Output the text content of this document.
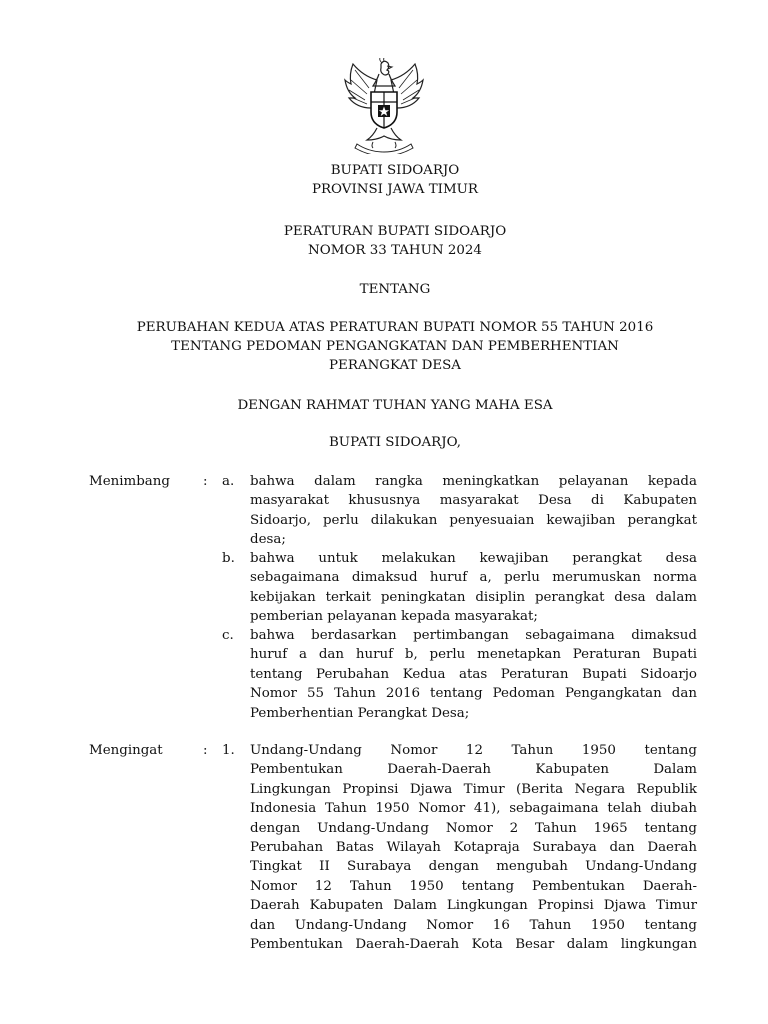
BUPATI SIDOARJO
PROVINSI JAWA TIMUR
PERATURAN BUPATI SIDOARJO
NOMOR 33 TAHUN 2024
TENTANG
PERUBAHAN KEDUA ATAS PERATURAN BUPATI NOMOR 55 TAHUN 2016
TENTANG PEDOMAN PENGANGKATAN DAN PEMBERHENTIAN
PERANGKAT DESA
DENGAN RAHMAT TUHAN YANG MAHA ESA
BUPATI SIDOARJO,
Menimbang : a. bahwa dalam rangka meningkatkan pelayanan kepada
masyarakat khususnya masyarakat Desa di Kabupaten
Sidoarjo, perlu dilakukan penyesuaian kewajiban perangkat
desa;
b. bahwa untuk melakukan kewajiban perangkat desa
sebagaimana dimaksud huruf a, perlu merumuskan norma
kebijakan terkait peningkatan disiplin perangkat desa dalam
pemberian pelayanan kepada masyarakat;
c. bahwa berdasarkan pertimbangan sebagaimana dimaksud
huruf a dan huruf b, perlu menetapkan Peraturan Bupati
tentang Perubahan Kedua atas Peraturan Bupati Sidoarjo
Nomor 55 Tahun 2016 tentang Pedoman Pengangkatan dan
Pemberhentian Perangkat Desa;
Mengingat	: 1. Undang-Undang Nomor 12 Tahun 1950 tentang
Pembentukan Daerah-Daerah Kabupaten Dalam
Lingkungan Propinsi Djawa Timur (Berita Negara Republik
Indonesia Tahun 1950 Nomor 41), sebagaimana telah diubah
dengan Undang-Undang Nomor 2 Tahun 1965 tentang
Perubahan Batas Wilayah Kotapraja Surabaya dan Daerah
Tingkat II Surabaya dengan mengubah Undang-Undang
Nomor 12 Tahun 1950 tentang Pembentukan Daerah-
Daerah Kabupaten Dalam Lingkungan Propinsi Djawa Timur
dan Undang-Undang Nomor 16 Tahun 1950 tentang
Pembentukan Daerah-Daerah Kota Besar dalam lingkungan
